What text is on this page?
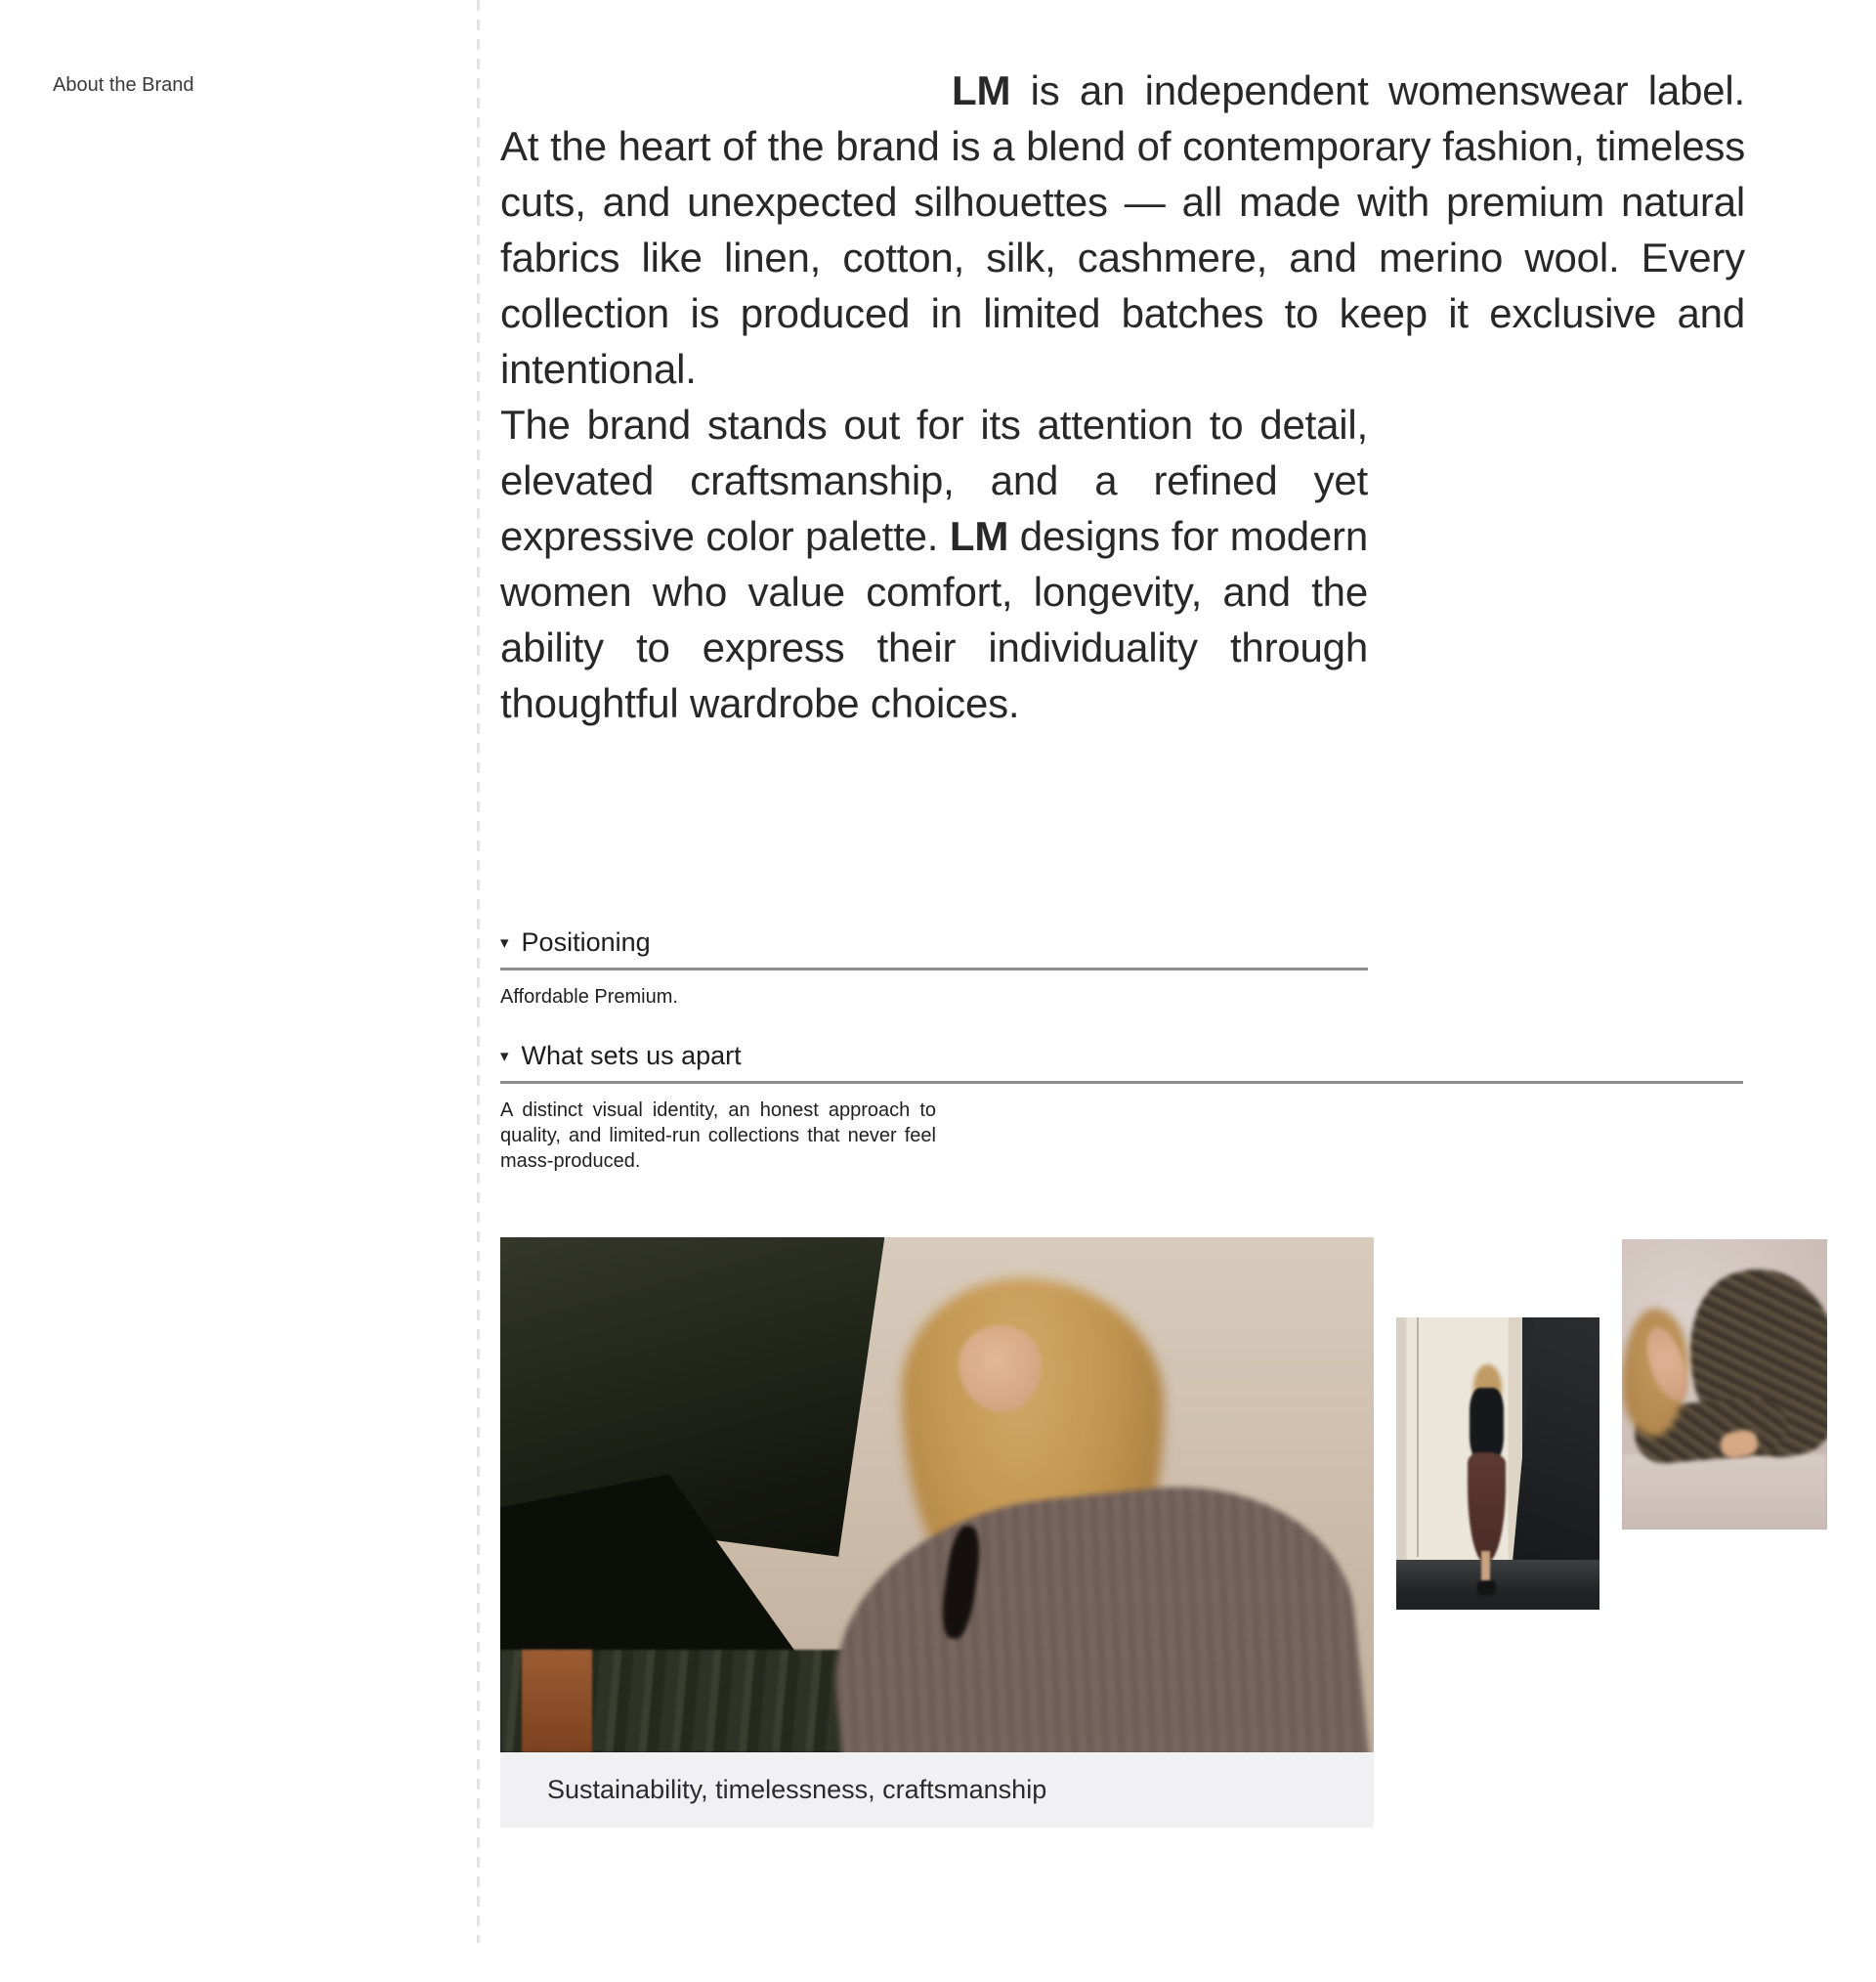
About the Brand	LM is an independent womenswear label. At the heart of the brand is a blend of contemporary fashion, timeless cuts, and unexpected silhouettes — all made with premium natural fabrics like linen, cotton, silk, cashmere, and merino wool. Every collection is produced in limited batches to keep it exclusive and intentional.

The brand stands out for its attention to detail, elevated craftsmanship, and a refined yet expressive color palette. LM designs for modern women who value comfort, longevity, and the ability to express their individuality through thoughtful wardrobe choices.

▾ Positioning
Affordable Premium.
▾ What sets us apart
A distinct visual identity, an honest approach to quality, and limited-run collections that never feel mass-produced.
Sustainability, timelessness, craftsmanship
